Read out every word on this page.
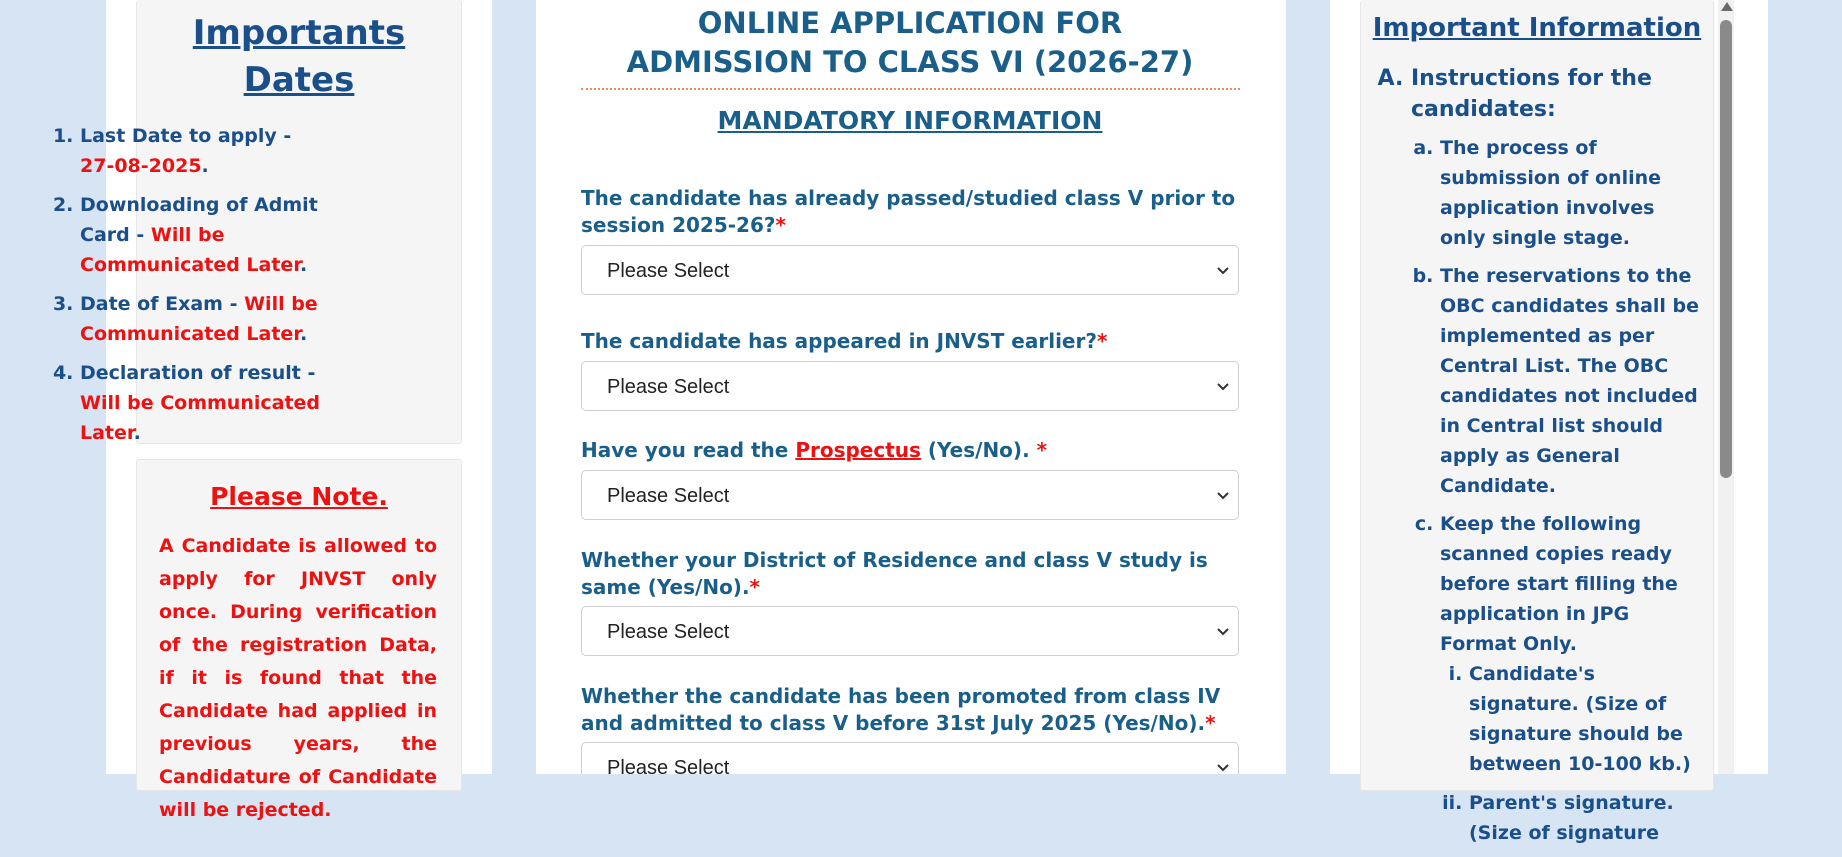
Importants Dates
1. Last Date to apply - 27-08-2025.
2. Downloading of Admit Card - Will be Communicated Later.
3. Date of Exam - Will be Communicated Later.
4. Declaration of result - Will be Communicated Later.
Please Note.

A Candidate is allowed to apply for JNVST only once. During verification of the registration Data, if it is found that the Candidate had applied in previous years, the Candidature of Candidate will be rejected.

ONLINE APPLICATION FOR
ADMISSION TO CLASS VI (2026-27)
MANDATORY INFORMATION

The candidate has already passed/studied class V prior to session 2025-26?*

Please Select

The candidate has appeared in JNVST earlier?*

Please Select

Have you read the Prospectus (Yes/No). *

Please Select

Whether your District of Residence and class V study is same (Yes/No).*

Please Select

Whether the candidate has been promoted from class IV and admitted to class V before 31st July 2025 (Yes/No).*

Please Select
Important Information
A. Instructions for the candidates:
a. The process of submission of online application involves only single stage.
b. The reservations to the OBC candidates shall be implemented as per Central List. The OBC candidates not included in Central list should apply as General Candidate.
c. Keep the following scanned copies ready before start filling the application in JPG Format Only.
i. Candidate's signature. (Size of signature should be between 10-100 kb.)
ii. Parent's signature. (Size of signature
